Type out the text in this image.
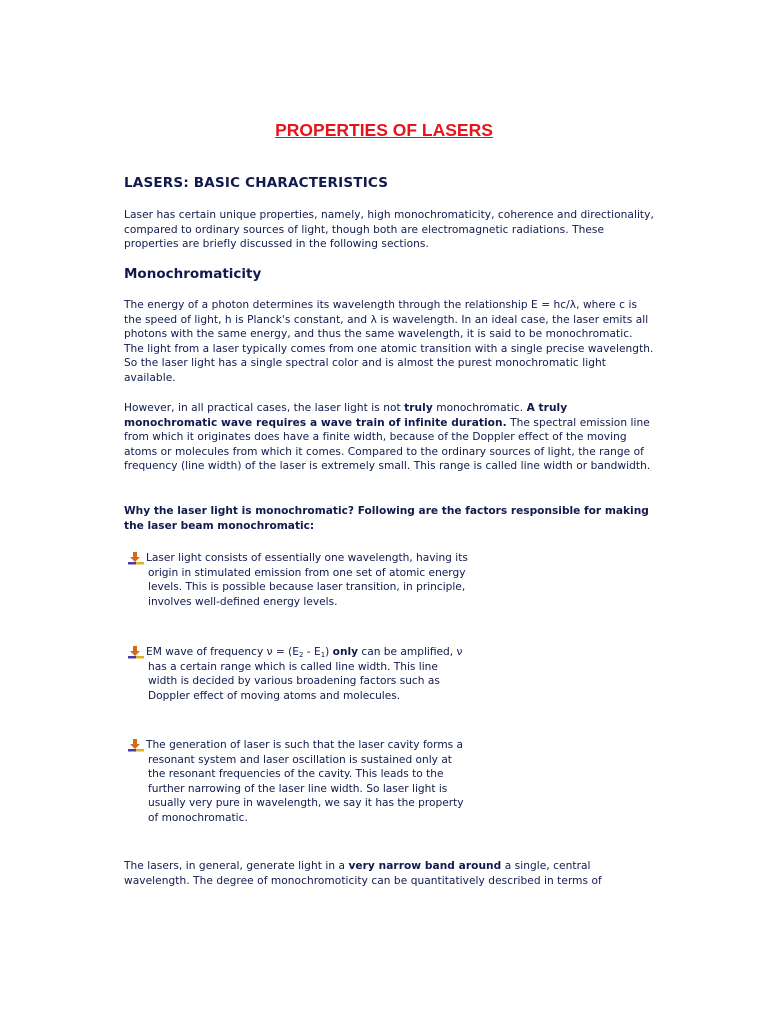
PROPERTIES OF LASERS
LASERS: BASIC CHARACTERISTICS

Laser has certain unique properties, namely, high monochromaticity, coherence and directionality, compared to ordinary sources of light, though both are electromagnetic radiations. These properties are briefly discussed in the following sections.

Monochromaticity

The energy of a photon determines its wavelength through the relationship E = hc/λ, where c is the speed of light, h is Planck's constant, and λ is wavelength. In an ideal case, the laser emits all photons with the same energy, and thus the same wavelength, it is said to be monochromatic. The light from a laser typically comes from one atomic transition with a single precise wavelength. So the laser light has a single spectral color and is almost the purest monochromatic light available.

However, in all practical cases, the laser light is not truly monochromatic. A truly monochromatic wave requires a wave train of infinite duration. The spectral emission line from which it originates does have a finite width, because of the Doppler effect of the moving atoms or molecules from which it comes. Compared to the ordinary sources of light, the range of frequency (line width) of the laser is extremely small. This range is called line width or bandwidth.

Why the laser light is monochromatic? Following are the factors responsible for making the laser beam monochromatic:

Laser light consists of essentially one wavelength, having its origin in stimulated emission from one set of atomic energy levels. This is possible because laser transition, in principle, involves well-defined energy levels.
EM wave of frequency $\nu = (E_2 - E_1)$ only can be amplified, ν has a certain range which is called line width. This line width is decided by various broadening factors such as Doppler effect of moving atoms and molecules.
The generation of laser is such that the laser cavity forms a resonant system and laser oscillation is sustained only at the resonant frequencies of the cavity. This leads to the further narrowing of the laser line width. So laser light is usually very pure in wavelength, we say it has the property of monochromatic.

The lasers, in general, generate light in a very narrow band around a single, central wavelength. The degree of monochromoticity can be quantitatively described in terms of
